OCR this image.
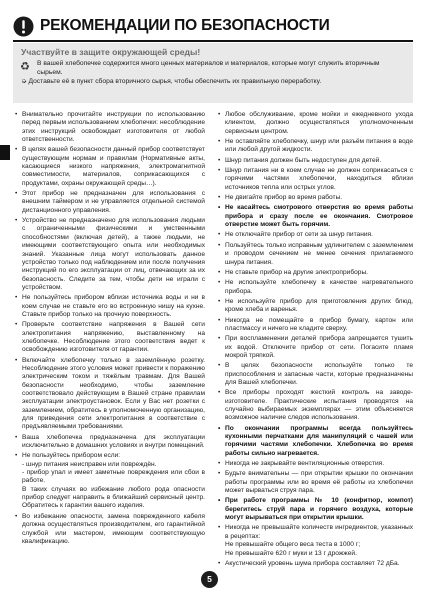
РЕКОМЕНДАЦИИ ПО БЕЗОПАСНОСТИ
Участвуйте в защите окружающей среды!
♻ В вашей хлебопечке содержится много ценных материалов и материалов, которые могут служить вторичным сырьем.
➭ Доставьте её в пункт сбора вторичного сырья, чтобы обеспечить их правильную переработку.
• Внимательно прочитайте инструкции по использованию перед первым использованием хлебопечки: несоблюдение этих инструкций освобождает изготовителя от любой ответственности.
• В целях вашей безопасности данный прибор соответствует существующим нормам и правилам (Нормативные акты, касающиеся низкого напряжения, электромагнитной совместимости, материалов, соприкасающихся с продуктами, охраны окружающей среды…).
• Этот прибор не предназначен для использования с внешним таймером и не управляется отдельной системой дистанционного управления.
• Устройство не предназначено для использования людьми с ограниченными физическими и умственными способностями (включая детей), а также людьми, не имеющими соответствующего опыта или необходимых знаний. Указанные лица могут использовать данное устройство только под наблюдением или после получения инструкций по его эксплуатации от лиц, отвечающих за их безопасность. Следите за тем, чтобы дети не играли с устройством.
• Не пользуйтесь прибором вблизи источника воды и ни в коем случае не ставьте его во встроенную нишу на кухне. Ставьте прибор только на прочную поверхность.
• Проверьте соответствие напряжения в Вашей сети электропитания напряжению, выставленному на хлебопечке. Несоблюдение этого соответствия ведет к освобождению изготовителя от гарантии.
• Включайте хлебопечку только в заземлённую розетку. Несоблюдение этого условия может привести к поражению электрическим током и тяжёлым травмам. Для Вашей безопасности необходимо, чтобы заземление соответствовало действующим в Вашей стране правилам эксплуатации электроустановок. Если у Вас нет розетки с заземлением, обратитесь в уполномоченную организацию, для приведения сети электропитания в соответствие с предъявляемыми требованиями.
• Ваша хлебопечка предназначена для эксплуатации исключительно в домашних условиях и внутри помещений.
• Не пользуйтесь прибором если:
- шнур питания неисправен или повреждён.
- прибор упал и имеет заметные повреждения или сбои в работе.
В таких случаях во избежание любого рода опасности прибор следует направить в ближайший сервисный центр. Обратитесь к гарантии вашего изделия.
• Во избежание опасности, замена поврежденного кабеля должна осуществляться производителем, его гарантийной службой или мастером, имеющим соответствующую квалификацию.
• Любое обслуживание, кроме мойки и ежедневного ухода клиентом, должно осуществляться уполномоченным сервисным центром.
• Не оставляйте хлебопечку, шнур или разъём питания в воде или любой другой жидкости.
• Шнур питания должен быть недоступен для детей.
• Шнур питания ни в коем случае не должен соприкасаться с горячими частями хлебопечки, находиться вблизи источников тепла или острых углов.
• Не двигайте прибор во время работы.
• Не касайтесь смотрового отверстия во время работы прибора и сразу после ее окончания. Смотровое отверстие может быть горячим.
• Не отключайте прибор от сети за шнур питания.
• Пользуйтесь только исправным удлинителем с заземлением и проводом сечением не менее сечения прилагаемого шнура питания.
• Не ставьте прибор на другие электроприборы.
• Не используйте хлебопечку в качестве нагревательного прибора.
• Не используйте прибор для приготовления других блюд, кроме хлеба и варенья.
• Никогда не помещайте в прибор бумагу, картон или пластмассу и ничего не кладите сверху.
• При воспламенении деталей прибора запрещается тушить их водой. Отключите прибор от сети. Погасите пламя мокрой тряпкой.
• В целях безопасности используйте только те приспособления и запасные части, которые предназначены для Вашей хлебопечки.
• Все приборы проходят жесткий контроль на заводе-изготовителе. Практические испытания проводятся на случайно выбираемых экземплярах — этим объясняется возможное наличие следов использования.
• По окончании программы всегда пользуйтесь кухонными перчатками для манипуляций с чашей или горячими частями хлебопечки. Хлебопечка во время работы сильно нагревается.
• Никогда не закрывайте вентиляционные отверстия.
• Будьте внимательны — при открытии крышки по окончании работы программы или во время её работы из хлебопечки может вырваться струя пара.
• При работе программы № 10 (конфитюр, компот) берегитесь струй пара и горячего воздуха, которые могут вырываться при открытии крышки.
• Никогда не превышайте количеств ингредиентов, указанных в рецептах:
Не превышайте общего веса теста в 1000 г;
Не превышайте 620 г муки и 13 г дрожжей.
• Акустический уровень шума прибора составляет 72 дБа.
5
